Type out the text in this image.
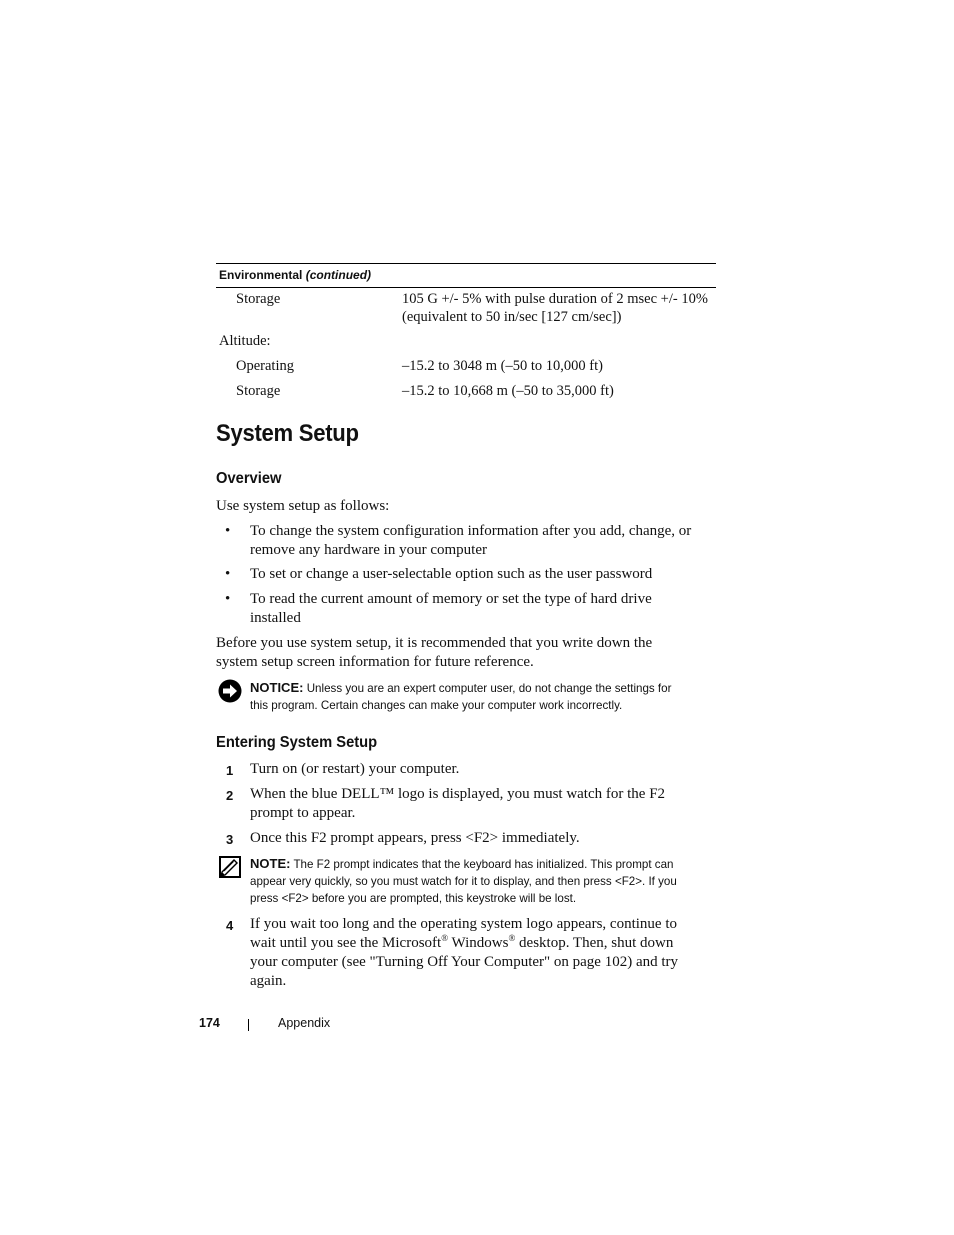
Environmental (continued)
Storage	105 G +/- 5% with pulse duration of 2 msec +/- 10%
(equivalent to 50 in/sec [127 cm/sec])
Altitude:
Operating	–15.2 to 3048 m (–50 to 10,000 ft)
Storage	–15.2 to 10,668 m (–50 to 35,000 ft)
System Setup
Overview
Use system setup as follows:
• To change the system configuration information after you add, change, or
remove any hardware in your computer
• To set or change a user-selectable option such as the user password
• To read the current amount of memory or set the type of hard drive
installed
Before you use system setup, it is recommended that you write down the
system setup screen information for future reference.
NOTICE: Unless you are an expert computer user, do not change the settings for
this program. Certain changes can make your computer work incorrectly.
Entering System Setup
1 Turn on (or restart) your computer.
2 When the blue DELL™ logo is displayed, you must watch for the F2
prompt to appear.
3 Once this F2 prompt appears, press <F2> immediately.
NOTE: The F2 prompt indicates that the keyboard has initialized. This prompt can
appear very quickly, so you must watch for it to display, and then press <F2>. If you
press <F2> before you are prompted, this keystroke will be lost.
4 If you wait too long and the operating system logo appears, continue to
wait until you see the Microsoft® Windows® desktop. Then, shut down
your computer (see "Turning Off Your Computer" on page 102) and try
again.
174	Appendix
